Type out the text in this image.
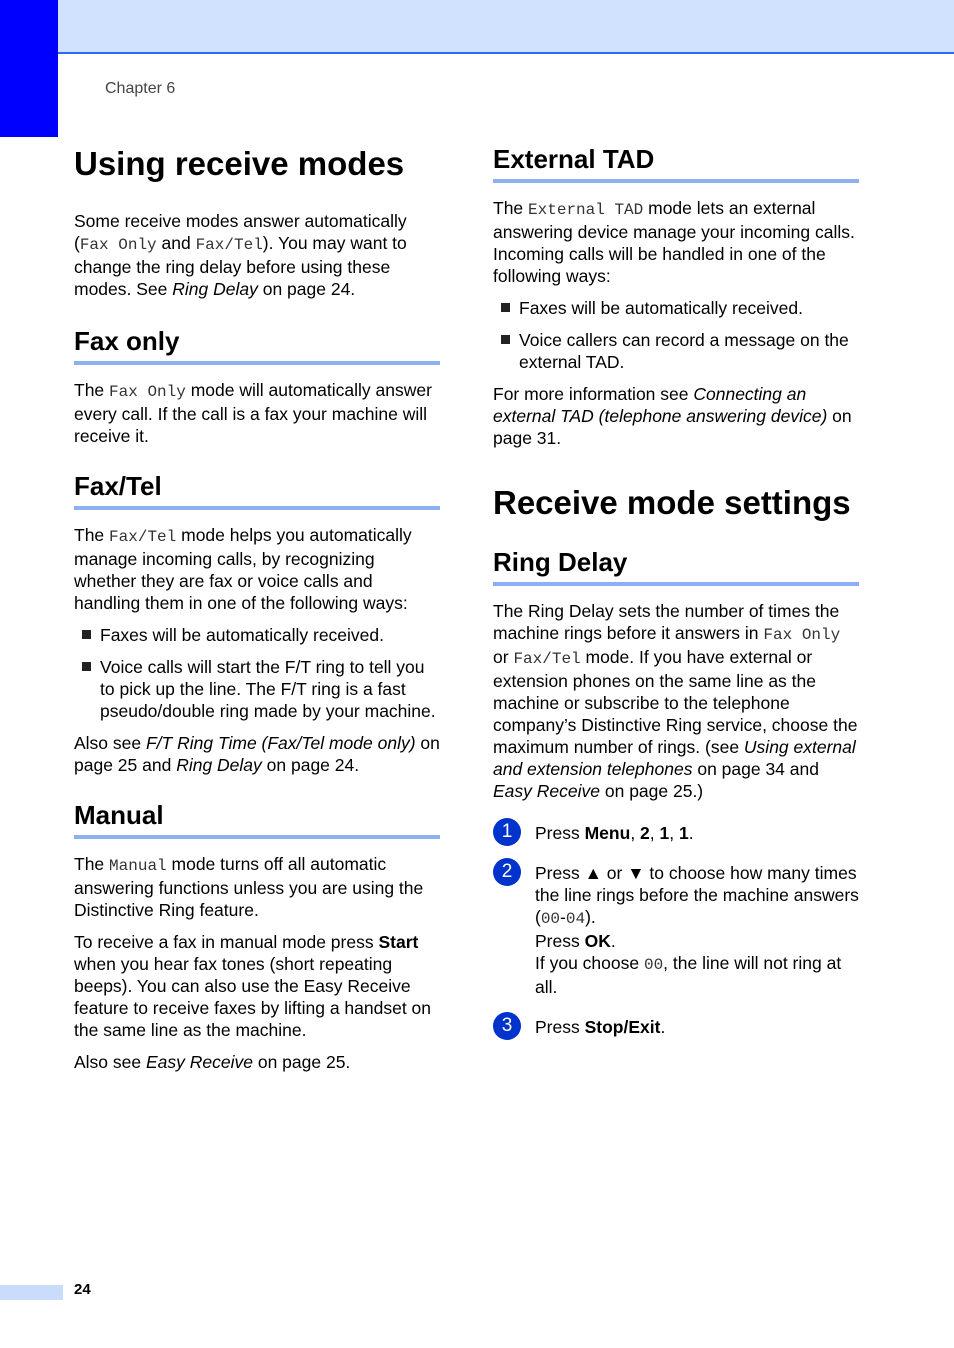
Chapter 6
Using receive modes

Some receive modes answer automatically (Fax Only and Fax/Tel). You may want to change the ring delay before using these modes. See Ring Delay on page 24.

Fax only

The Fax Only mode will automatically answer every call. If the call is a fax your machine will receive it.

Fax/Tel

The Fax/Tel mode helps you automatically manage incoming calls, by recognizing whether they are fax or voice calls and handling them in one of the following ways:

Faxes will be automatically received.
Voice calls will start the F/T ring to tell you to pick up the line. The F/T ring is a fast pseudo/double ring made by your machine.

Also see F/T Ring Time (Fax/Tel mode only) on page 25 and Ring Delay on page 24.

Manual

The Manual mode turns off all automatic answering functions unless you are using the Distinctive Ring feature.

To receive a fax in manual mode press Start when you hear fax tones (short repeating beeps). You can also use the Easy Receive feature to receive faxes by lifting a handset on the same line as the machine.

Also see Easy Receive on page 25.

External TAD

The External TAD mode lets an external answering device manage your incoming calls. Incoming calls will be handled in one of the following ways:

Faxes will be automatically received.
Voice callers can record a message on the external TAD.

For more information see Connecting an external TAD (telephone answering device) on page 31.

Receive mode settings
Ring Delay

The Ring Delay sets the number of times the machine rings before it answers in Fax Only or Fax/Tel mode. If you have external or extension phones on the same line as the machine or subscribe to the telephone company’s Distinctive Ring service, choose the maximum number of rings. (see Using external and extension telephones on page 34 and Easy Receive on page 25.)

1	Press Menu, 2, 1, 1.
2	Press ▲ or ▼ to choose how many times the line rings before the machine answers (00-04).
Press OK.
If you choose 00, the line will not ring at all.
3	Press Stop/Exit.
24
